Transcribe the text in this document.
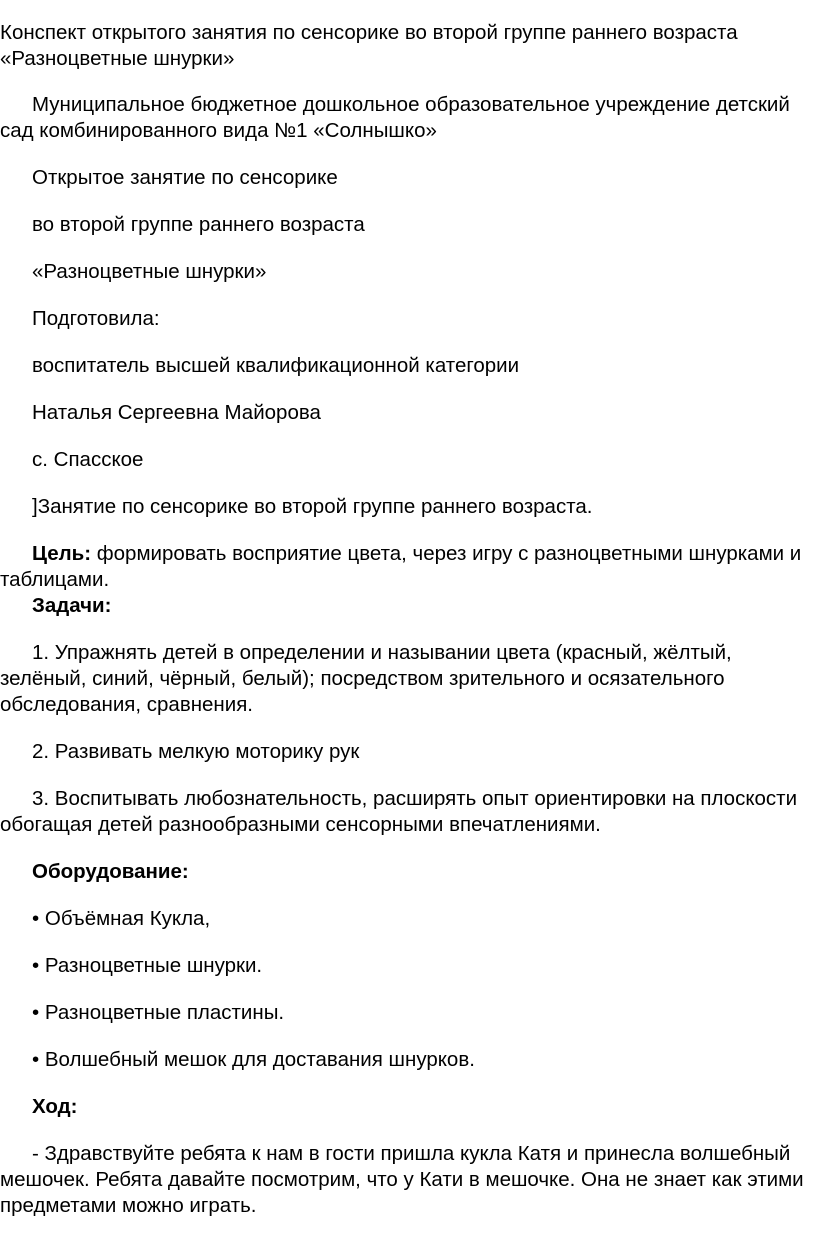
Конспект открытого занятия по сенсорике во второй группе раннего возраста «Разноцветные шнурки»

Муниципальное бюджетное дошкольное образовательное учреждение детский сад комбинированного вида №1 «Солнышко»

Открытое занятие по сенсорике

во второй группе раннего возраста

«Разноцветные шнурки»

Подготовила:

воспитатель высшей квалификационной категории

Наталья Сергеевна Майорова

с. Спасское

]Занятие по сенсорике во второй группе раннего возраста.

Цель: формировать восприятие цвета, через игру с разноцветными шнурками и таблицами.

Задачи:

1. Упражнять детей в определении и назывании цвета (красный, жёлтый, зелёный, синий, чёрный, белый); посредством зрительного и осязательного обследования, сравнения.

2. Развивать мелкую моторику рук

3. Воспитывать любознательность, расширять опыт ориентировки на плоскости обогащая детей разнообразными сенсорными впечатлениями.

Оборудование:

• Объёмная Кукла,

• Разноцветные шнурки.

• Разноцветные пластины.

• Волшебный мешок для доставания шнурков.

Ход:

- Здравствуйте ребята к нам в гости пришла кукла Катя и принесла волшебный мешочек. Ребята давайте посмотрим, что у Кати в мешочке. Она не знает как этими предметами можно играть.
